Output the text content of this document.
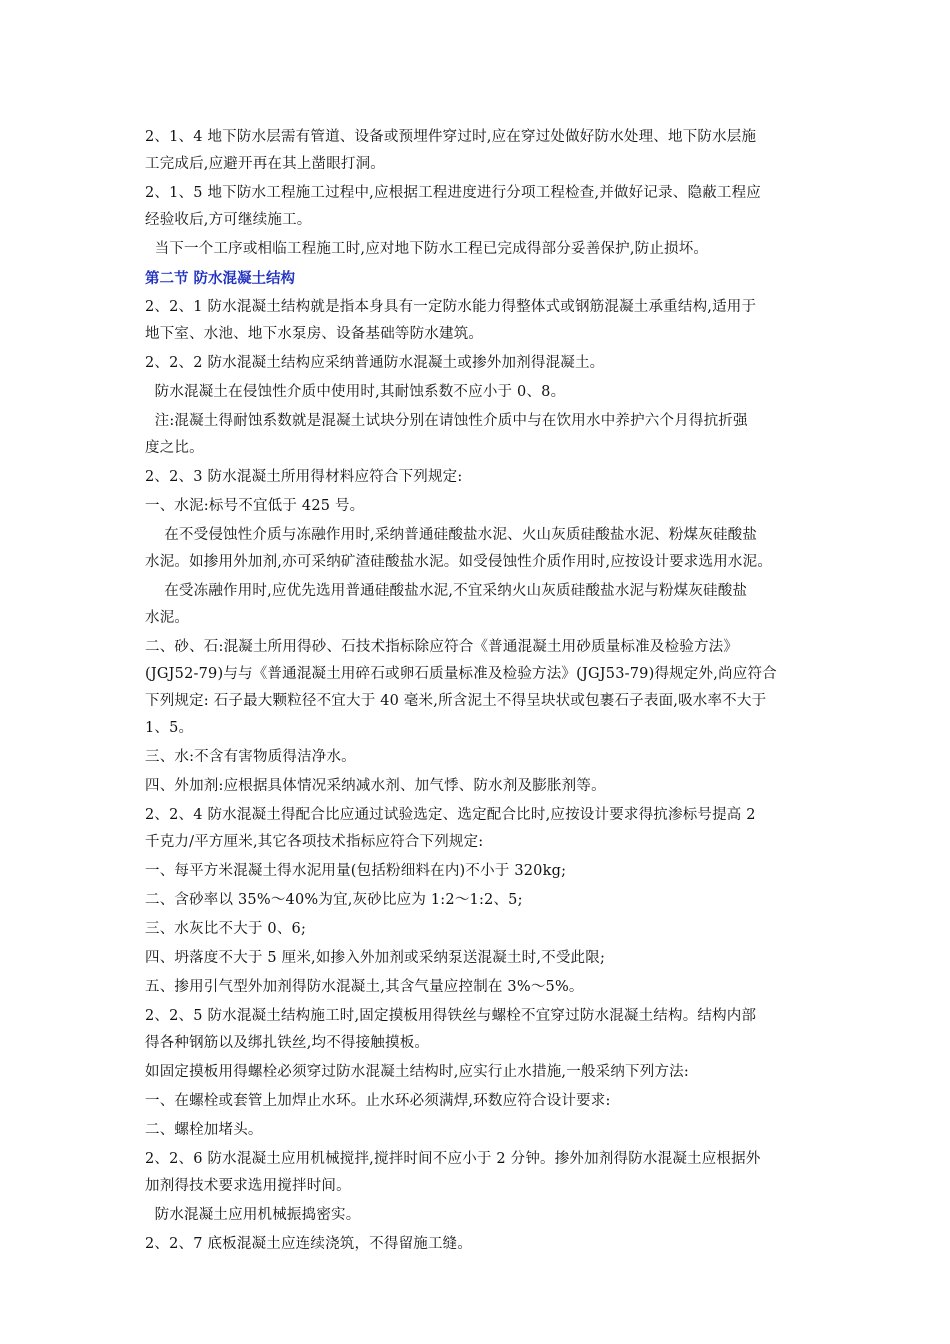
2、1、4 地下防水层需有管道、设备或预埋件穿过时,应在穿过处做好防水处理、地下防水层施
工完成后,应避开再在其上凿眼打洞。
2、1、5 地下防水工程施工过程中,应根据工程进度进行分项工程检查,并做好记录、隐蔽工程应
经验收后,方可继续施工。
当下一个工序或相临工程施工时,应对地下防水工程已完成得部分妥善保护,防止损坏。
第二节 防水混凝土结构
2、2、1 防水混凝土结构就是指本身具有一定防水能力得整体式或钢筋混凝土承重结构,适用于
地下室、水池、地下水泵房、设备基础等防水建筑。
2、2、2 防水混凝土结构应采纳普通防水混凝土或掺外加剂得混凝土。
防水混凝土在侵蚀性介质中使用时,其耐蚀系数不应小于 0、8。
注:混凝土得耐蚀系数就是混凝土试块分别在请蚀性介质中与在饮用水中养护六个月得抗折强
度之比。
2、2、3 防水混凝土所用得材料应符合下列规定:
一、水泥:标号不宜低于 425 号。
在不受侵蚀性介质与冻融作用时,采纳普通硅酸盐水泥、火山灰质硅酸盐水泥、粉煤灰硅酸盐
水泥。如掺用外加剂,亦可采纳矿渣硅酸盐水泥。如受侵蚀性介质作用时,应按设计要求选用水泥。
在受冻融作用时,应优先选用普通硅酸盐水泥,不宜采纳火山灰质硅酸盐水泥与粉煤灰硅酸盐
水泥。
二、砂、石:混凝土所用得砂、石技术指标除应符合《普通混凝土用砂质量标准及检验方法》
(JGJ52-79)与与《普通混凝土用碎石或卵石质量标准及检验方法》(JGJ53-79)得规定外,尚应符合
下列规定: 石子最大颗粒径不宜大于 40 毫米,所含泥土不得呈块状或包裹石子表面,吸水率不大于
1、5。
三、水:不含有害物质得洁净水。
四、外加剂:应根据具体情况采纳减水剂、加气悸、防水剂及膨胀剂等。
2、2、4 防水混凝土得配合比应通过试验选定、选定配合比时,应按设计要求得抗渗标号提高 2
千克力/平方厘米,其它各项技术指标应符合下列规定:
一、每平方米混凝土得水泥用量(包括粉细料在内)不小于 320kg;
二、含砂率以 35%～40%为宜,灰砂比应为 1:2～1:2、5;
三、水灰比不大于 0、6;
四、坍落度不大于 5 厘米,如掺入外加剂或采纳泵送混凝土时,不受此限;
五、掺用引气型外加剂得防水混凝土,其含气量应控制在 3%～5%。
2、2、5 防水混凝土结构施工时,固定摸板用得铁丝与螺栓不宜穿过防水混凝土结构。结构内部
得各种钢筋以及绑扎铁丝,均不得接触摸板。
如固定摸板用得螺栓必须穿过防水混凝土结构时,应实行止水措施,一般采纳下列方法:
一、在螺栓或套管上加焊止水环。止水环必须满焊,环数应符合设计要求:
二、螺栓加堵头。
2、2、6 防水混凝土应用机械搅拌,搅拌时间不应小于 2 分钟。掺外加剂得防水混凝土应根据外
加剂得技术要求选用搅拌时间。
防水混凝土应用机械振捣密实。
2、2、7 底板混凝土应连续浇筑，不得留施工缝。
